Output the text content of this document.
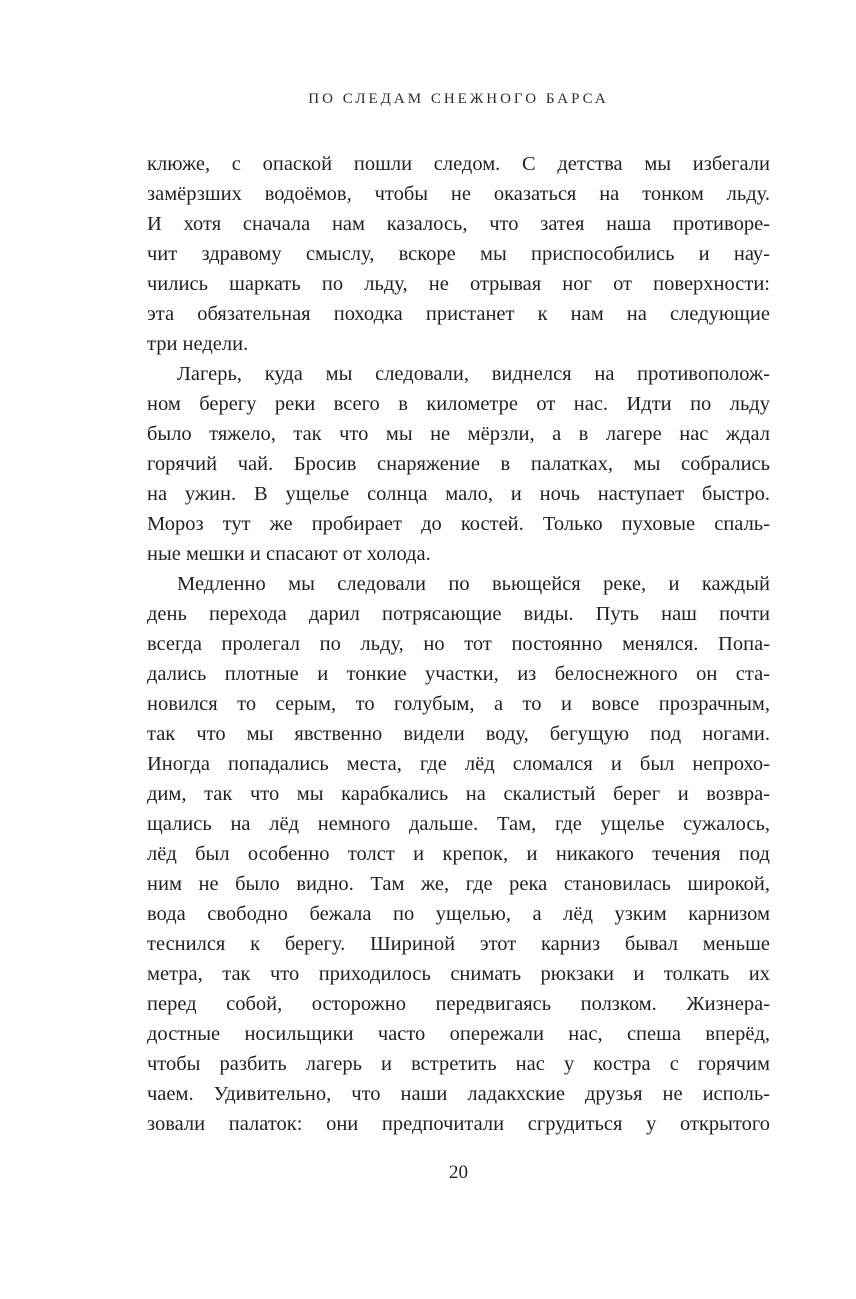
ПО СЛЕДАМ СНЕЖНОГО БАРСА
клюже, с опаской пошли следом. С детства мы избегали
замёрзших водоёмов, чтобы не оказаться на тонком льду.
И хотя сначала нам казалось, что затея наша противоре-
чит здравому смыслу, вскоре мы приспособились и нау-
чились шаркать по льду, не отрывая ног от поверхности:
эта обязательная походка пристанет к нам на следующие
три недели.
Лагерь, куда мы следовали, виднелся на противополож-
ном берегу реки всего в километре от нас. Идти по льду
было тяжело, так что мы не мёрзли, а в лагере нас ждал
горячий чай. Бросив снаряжение в палатках, мы собрались
на ужин. В ущелье солнца мало, и ночь наступает быстро.
Мороз тут же пробирает до костей. Только пуховые спаль-
ные мешки и спасают от холода.
Медленно мы следовали по вьющейся реке, и каждый
день перехода дарил потрясающие виды. Путь наш почти
всегда пролегал по льду, но тот постоянно менялся. Попа-
дались плотные и тонкие участки, из белоснежного он ста-
новился то серым, то голубым, а то и вовсе прозрачным,
так что мы явственно видели воду, бегущую под ногами.
Иногда попадались места, где лёд сломался и был непрохо-
дим, так что мы карабкались на скалистый берег и возвра-
щались на лёд немного дальше. Там, где ущелье сужалось,
лёд был особенно толст и крепок, и никакого течения под
ним не было видно. Там же, где река становилась широкой,
вода свободно бежала по ущелью, а лёд узким карнизом
теснился к берегу. Шириной этот карниз бывал меньше
метра, так что приходилось снимать рюкзаки и толкать их
перед собой, осторожно передвигаясь ползком. Жизнера-
достные носильщики часто опережали нас, спеша вперёд,
чтобы разбить лагерь и встретить нас у костра с горячим
чаем. Удивительно, что наши ладакхские друзья не исполь-
зовали палаток: они предпочитали сгрудиться у открытого
20
